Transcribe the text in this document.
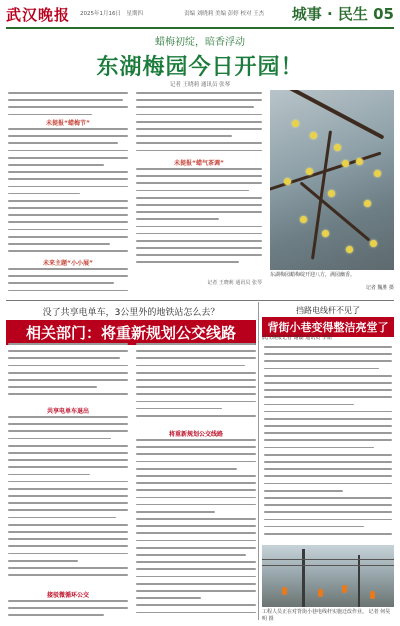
武汉晚报 2025年1月16日　星期四	责编 刘晓莉 美编 彭婷 校对 王杰 城事 · 民生 05
蜡梅初绽，暗香浮动
东湖梅园今日开园！
记者 王晓莉 通讯员 张琴
未提报“蜡梅节”
未来主题“小小展”
未提报“蜡气茶调”
记者 王晓莉 通讯员 张琴
东湖梅园蜡梅绽开迎八方，满园幽香。
记者 魏胜 摄
没了共享电单车，3公里外的地铁站怎么去？
相关部门：将重新规划公交线路
共享电单车退出
接驳微循环公交
将重新规划公交线路
挡路电线杆不见了
背街小巷变得整洁亮堂了
武汉晚报记者 谢磊 通讯员 李娟
工程人员正在对背街小巷电线杆实施迁改作业。 记者 何昊明 摄
